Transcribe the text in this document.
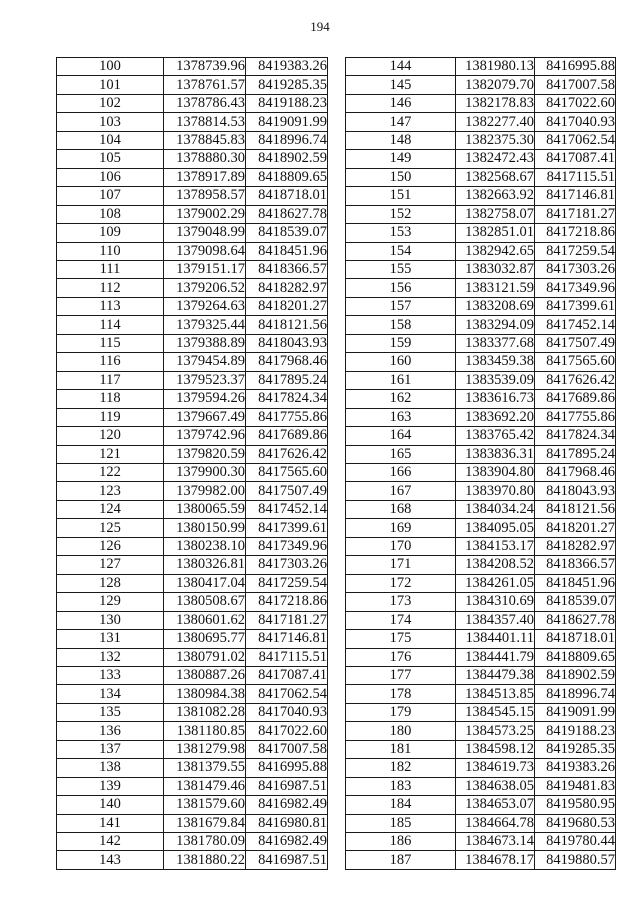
194
100	1378739.96	8419383.26
101	1378761.57	8419285.35
102	1378786.43	8419188.23
103	1378814.53	8419091.99
104	1378845.83	8418996.74
105	1378880.30	8418902.59
106	1378917.89	8418809.65
107	1378958.57	8418718.01
108	1379002.29	8418627.78
109	1379048.99	8418539.07
110	1379098.64	8418451.96
111	1379151.17	8418366.57
112	1379206.52	8418282.97
113	1379264.63	8418201.27
114	1379325.44	8418121.56
115	1379388.89	8418043.93
116	1379454.89	8417968.46
117	1379523.37	8417895.24
118	1379594.26	8417824.34
119	1379667.49	8417755.86
120	1379742.96	8417689.86
121	1379820.59	8417626.42
122	1379900.30	8417565.60
123	1379982.00	8417507.49
124	1380065.59	8417452.14
125	1380150.99	8417399.61
126	1380238.10	8417349.96
127	1380326.81	8417303.26
128	1380417.04	8417259.54
129	1380508.67	8417218.86
130	1380601.62	8417181.27
131	1380695.77	8417146.81
132	1380791.02	8417115.51
133	1380887.26	8417087.41
134	1380984.38	8417062.54
135	1381082.28	8417040.93
136	1381180.85	8417022.60
137	1381279.98	8417007.58
138	1381379.55	8416995.88
139	1381479.46	8416987.51
140	1381579.60	8416982.49
141	1381679.84	8416980.81
142	1381780.09	8416982.49
143	1381880.22	8416987.51
144	1381980.13	8416995.88
145	1382079.70	8417007.58
146	1382178.83	8417022.60
147	1382277.40	8417040.93
148	1382375.30	8417062.54
149	1382472.43	8417087.41
150	1382568.67	8417115.51
151	1382663.92	8417146.81
152	1382758.07	8417181.27
153	1382851.01	8417218.86
154	1382942.65	8417259.54
155	1383032.87	8417303.26
156	1383121.59	8417349.96
157	1383208.69	8417399.61
158	1383294.09	8417452.14
159	1383377.68	8417507.49
160	1383459.38	8417565.60
161	1383539.09	8417626.42
162	1383616.73	8417689.86
163	1383692.20	8417755.86
164	1383765.42	8417824.34
165	1383836.31	8417895.24
166	1383904.80	8417968.46
167	1383970.80	8418043.93
168	1384034.24	8418121.56
169	1384095.05	8418201.27
170	1384153.17	8418282.97
171	1384208.52	8418366.57
172	1384261.05	8418451.96
173	1384310.69	8418539.07
174	1384357.40	8418627.78
175	1384401.11	8418718.01
176	1384441.79	8418809.65
177	1384479.38	8418902.59
178	1384513.85	8418996.74
179	1384545.15	8419091.99
180	1384573.25	8419188.23
181	1384598.12	8419285.35
182	1384619.73	8419383.26
183	1384638.05	8419481.83
184	1384653.07	8419580.95
185	1384664.78	8419680.53
186	1384673.14	8419780.44
187	1384678.17	8419880.57
